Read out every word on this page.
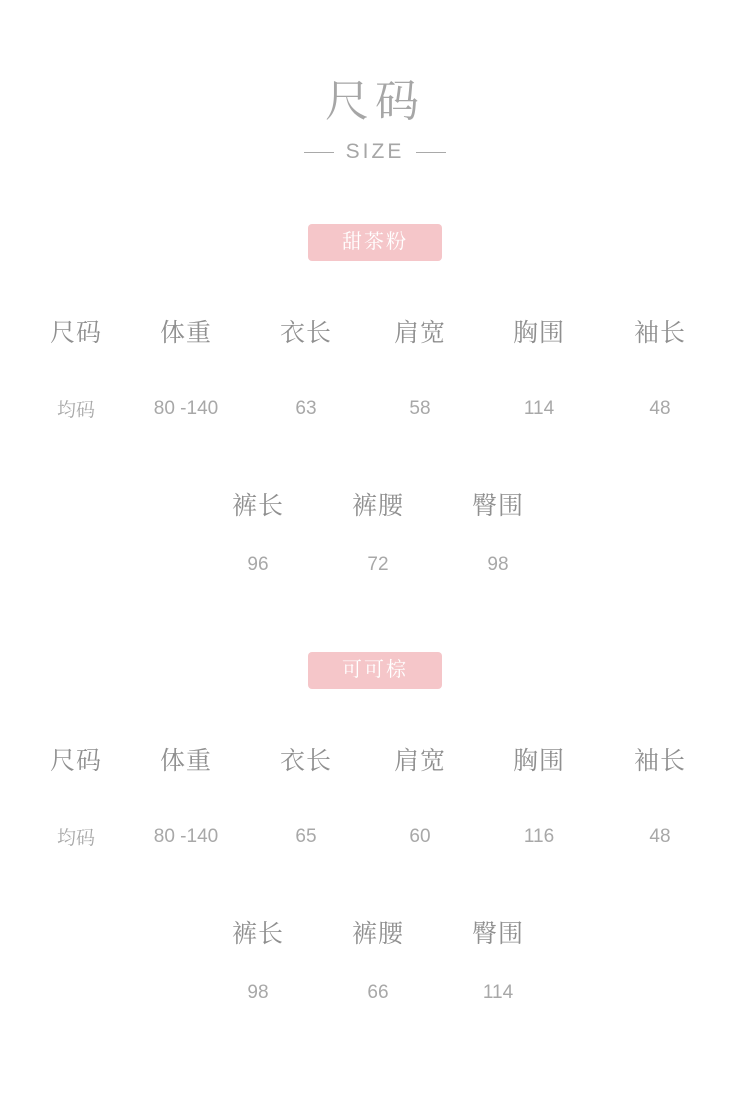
尺码
SIZE
甜茶粉
尺码	体重	衣长	肩宽	胸围	袖长
均码	80 -140	63	58	114	48
裤长	裤腰	臀围
96	72	98
可可棕
尺码	体重	衣长	肩宽	胸围	袖长
均码	80 -140	65	60	116	48
裤长	裤腰	臀围
98	66	114
